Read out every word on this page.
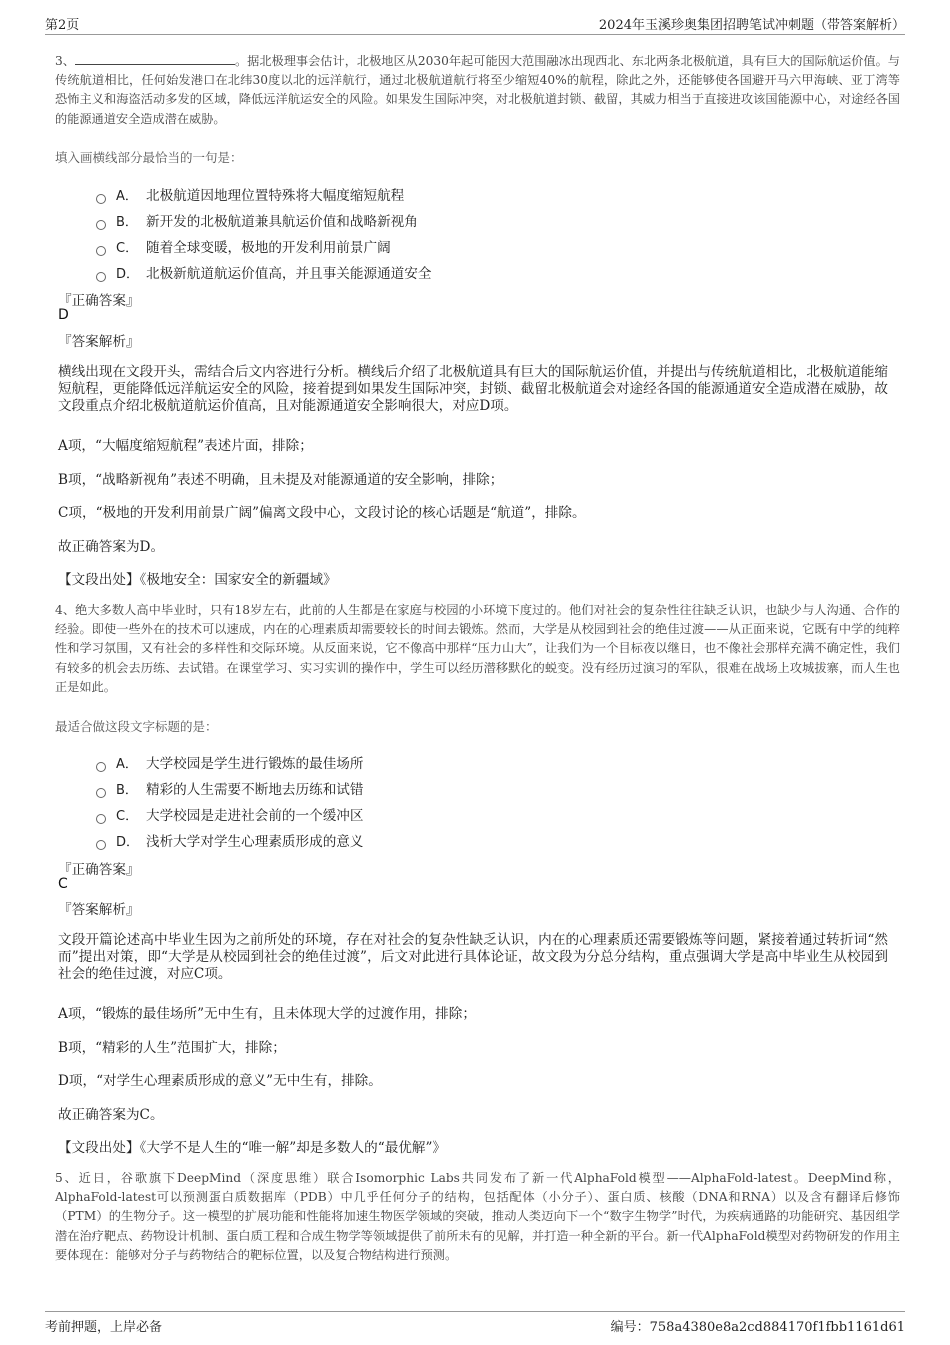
第2页	2024年玉溪珍奥集团招聘笔试冲刺题（带答案解析）
3、	。据北极理事会估计，北极地区从2030年起可能因大范围融冰出现西北、东北两条北极航道，具有巨大的国际航运价值。与传统航道相比，任何始发港口在北纬30度以北的远洋航行，通过北极航道航行将至少缩短40%的航程，除此之外，还能够使各国避开马六甲海峡、亚丁湾等恐怖主义和海盗活动多发的区域，降低远洋航运安全的风险。如果发生国际冲突，对北极航道封锁、截留，其威力相当于直接进攻该国能源中心，对途经各国的能源通道安全造成潜在威胁。
填入画横线部分最恰当的一句是：
A． 北极航道因地理位置特殊将大幅度缩短航程
B． 新开发的北极航道兼具航运价值和战略新视角
C． 随着全球变暖，极地的开发利用前景广阔
D． 北极新航道航运价值高，并且事关能源通道安全
『正确答案』
D
『答案解析』
横线出现在文段开头，需结合后文内容进行分析。横线后介绍了北极航道具有巨大的国际航运价值，并提出与传统航道相比，北极航道能缩短航程，更能降低远洋航运安全的风险，接着提到如果发生国际冲突，封锁、截留北极航道会对途经各国的能源通道安全造成潜在威胁，故文段重点介绍北极航道航运价值高，且对能源通道安全影响很大，对应D项。
A项，“大幅度缩短航程”表述片面，排除；
B项，“战略新视角”表述不明确，且未提及对能源通道的安全影响，排除；
C项，“极地的开发利用前景广阔”偏离文段中心，文段讨论的核心话题是“航道”，排除。
故正确答案为D。
【文段出处】《极地安全：国家安全的新疆域》
4、绝大多数人高中毕业时，只有18岁左右，此前的人生都是在家庭与校园的小环境下度过的。他们对社会的复杂性往往缺乏认识，也缺少与人沟通、合作的经验。即使一些外在的技术可以速成，内在的心理素质却需要较长的时间去锻炼。然而，大学是从校园到社会的绝佳过渡——从正面来说，它既有中学的纯粹性和学习氛围，又有社会的多样性和交际环境。从反面来说，它不像高中那样“压力山大”，让我们为一个目标夜以继日，也不像社会那样充满不确定性，我们有较多的机会去历练、去试错。在课堂学习、实习实训的操作中，学生可以经历潜移默化的蜕变。没有经历过演习的军队，很难在战场上攻城拔寨，而人生也正是如此。
最适合做这段文字标题的是：
A． 大学校园是学生进行锻炼的最佳场所
B． 精彩的人生需要不断地去历练和试错
C． 大学校园是走进社会前的一个缓冲区
D． 浅析大学对学生心理素质形成的意义
『正确答案』
C
『答案解析』
文段开篇论述高中毕业生因为之前所处的环境，存在对社会的复杂性缺乏认识，内在的心理素质还需要锻炼等问题，紧接着通过转折词“然而”提出对策，即“大学是从校园到社会的绝佳过渡”，后文对此进行具体论证，故文段为分总分结构，重点强调大学是高中毕业生从校园到社会的绝佳过渡，对应C项。
A项，“锻炼的最佳场所”无中生有，且未体现大学的过渡作用，排除；
B项，“精彩的人生”范围扩大，排除；
D项，“对学生心理素质形成的意义”无中生有，排除。
故正确答案为C。
【文段出处】《大学不是人生的“唯一解”却是多数人的“最优解”》
5、近日，谷歌旗下DeepMind（深度思维）联合Isomorphic Labs共同发布了新一代AlphaFold模型——AlphaFold-latest。DeepMind称，AlphaFold-latest可以预测蛋白质数据库（PDB）中几乎任何分子的结构，包括配体（小分子）、蛋白质、核酸（DNA和RNA）以及含有翻译后修饰（PTM）的生物分子。这一模型的扩展功能和性能将加速生物医学领域的突破，推动人类迈向下一个“数字生物学”时代，为疾病通路的功能研究、基因组学潜在治疗靶点、药物设计机制、蛋白质工程和合成生物学等领域提供了前所未有的见解，并打造一种全新的平台。新一代AlphaFold模型对药物研发的作用主要体现在：能够对分子与药物结合的靶标位置，以及复合物结构进行预测。
考前押题，上岸必备	编号：758a4380e8a2cd884170f1fbb1161d61
